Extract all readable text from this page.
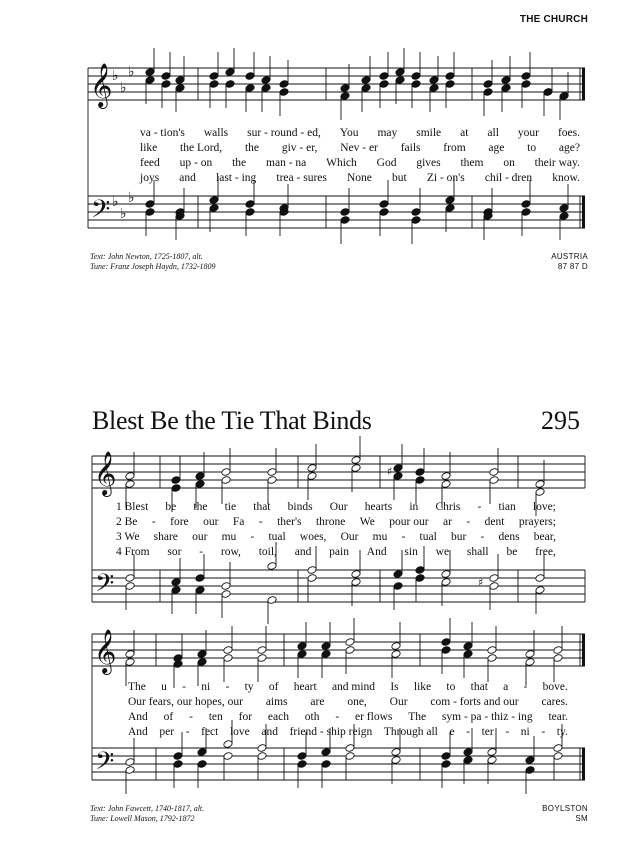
THE CHURCH
𝄞
𝄢
♭
♭
♭
♭
♭
♭
va - tion's walls sur - round - ed, You may smile at all your foes.
like the Lord, the giv - er, Nev - er fails from age to age?
feed up - on the man - na Which God gives them on their way.
joys and last - ing trea - sures None but Zi - on's chil - dren know.
Text: John Newton, 1725-1807, alt.
Tune: Franz Joseph Haydn, 1732-1809
AUSTRIA
87 87 D
Blest Be the Tie That Binds	295
𝄞
𝄢
𝄞
𝄢
♯
♯
1 Blest be the tie that binds Our hearts in Chris - tian love;
2 Be - fore our Fa - ther's throne We pour our ar - dent prayers;
3 We share our mu - tual woes, Our mu - tual bur - dens bear,
4 From sor - row, toil, and pain And sin we shall be free,
The u - ni - ty of heart and mind Is like to that a - bove.
Our fears, our hopes, our aims are one, Our com - forts and our cares.
And of - ten for each oth - er flows The sym - pa - thiz - ing tear.
And per - fect love and friend - ship reign Through all e - ter - ni - ty.
Text: John Fawcett, 1740-1817, alt.
Tune: Lowell Mason, 1792-1872
BOYLSTON
SM
